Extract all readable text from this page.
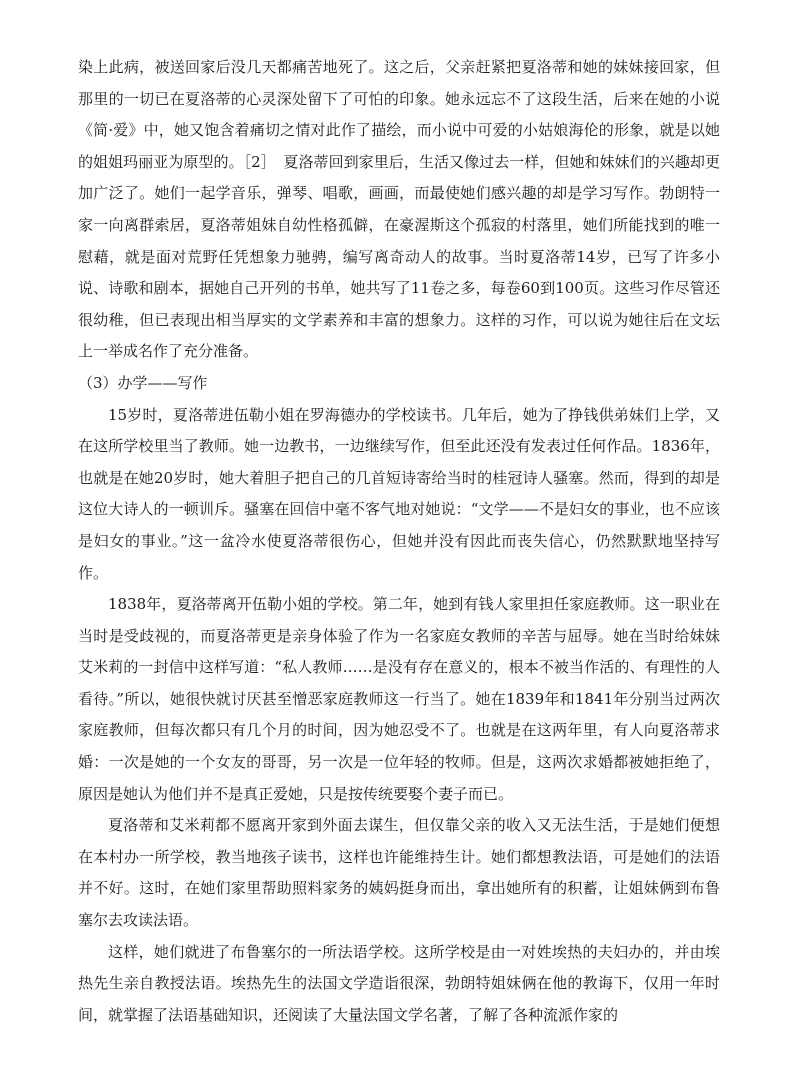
染上此病，被送回家后没几天都痛苦地死了。这之后，父亲赶紧把夏洛蒂和她的妹妹接回家，但那里的一切已在夏洛蒂的心灵深处留下了可怕的印象。她永远忘不了这段生活，后来在她的小说《简·爱》中，她又饱含着痛切之情对此作了描绘，而小说中可爱的小姑娘海伦的形象，就是以她的姐姐玛丽亚为原型的。［2］　夏洛蒂回到家里后，生活又像过去一样，但她和妹妹们的兴趣却更加广泛了。她们一起学音乐，弹琴、唱歌，画画，而最使她们感兴趣的却是学习写作。勃朗特一家一向离群索居，夏洛蒂姐妹自幼性格孤僻，在豪渥斯这个孤寂的村落里，她们所能找到的唯一慰藉，就是面对荒野任凭想象力驰骋，编写离奇动人的故事。当时夏洛蒂14岁，已写了许多小说、诗歌和剧本，据她自己开列的书单，她共写了11卷之多，每卷60到100页。这些习作尽管还很幼稚，但已表现出相当厚实的文学素养和丰富的想象力。这样的习作，可以说为她往后在文坛上一举成名作了充分准备。

（3）办学——写作

15岁时，夏洛蒂进伍勒小姐在罗海德办的学校读书。几年后，她为了挣钱供弟妹们上学，又在这所学校里当了教师。她一边教书，一边继续写作，但至此还没有发表过任何作品。1836年，也就是在她20岁时，她大着胆子把自己的几首短诗寄给当时的桂冠诗人骚塞。然而，得到的却是这位大诗人的一顿训斥。骚塞在回信中毫不客气地对她说：“文学——不是妇女的事业，也不应该是妇女的事业。”这一盆冷水使夏洛蒂很伤心，但她并没有因此而丧失信心，仍然默默地坚持写作。

1838年，夏洛蒂离开伍勒小姐的学校。第二年，她到有钱人家里担任家庭教师。这一职业在当时是受歧视的，而夏洛蒂更是亲身体验了作为一名家庭女教师的辛苦与屈辱。她在当时给妹妹艾米莉的一封信中这样写道：“私人教师……是没有存在意义的，根本不被当作活的、有理性的人看待。”所以，她很快就讨厌甚至憎恶家庭教师这一行当了。她在1839年和1841年分别当过两次家庭教师，但每次都只有几个月的时间，因为她忍受不了。也就是在这两年里，有人向夏洛蒂求婚：一次是她的一个女友的哥哥，另一次是一位年轻的牧师。但是，这两次求婚都被她拒绝了，原因是她认为他们并不是真正爱她，只是按传统要娶个妻子而已。

夏洛蒂和艾米莉都不愿离开家到外面去谋生，但仅靠父亲的收入又无法生活，于是她们便想在本村办一所学校，教当地孩子读书，这样也许能维持生计。她们都想教法语，可是她们的法语并不好。这时，在她们家里帮助照料家务的姨妈挺身而出，拿出她所有的积蓄，让姐妹俩到布鲁塞尔去攻读法语。

这样，她们就进了布鲁塞尔的一所法语学校。这所学校是由一对姓埃热的夫妇办的，并由埃热先生亲自教授法语。埃热先生的法国文学造诣很深，勃朗特姐妹俩在他的教诲下，仅用一年时间，就掌握了法语基础知识，还阅读了大量法国文学名著，了解了各种流派作家的
